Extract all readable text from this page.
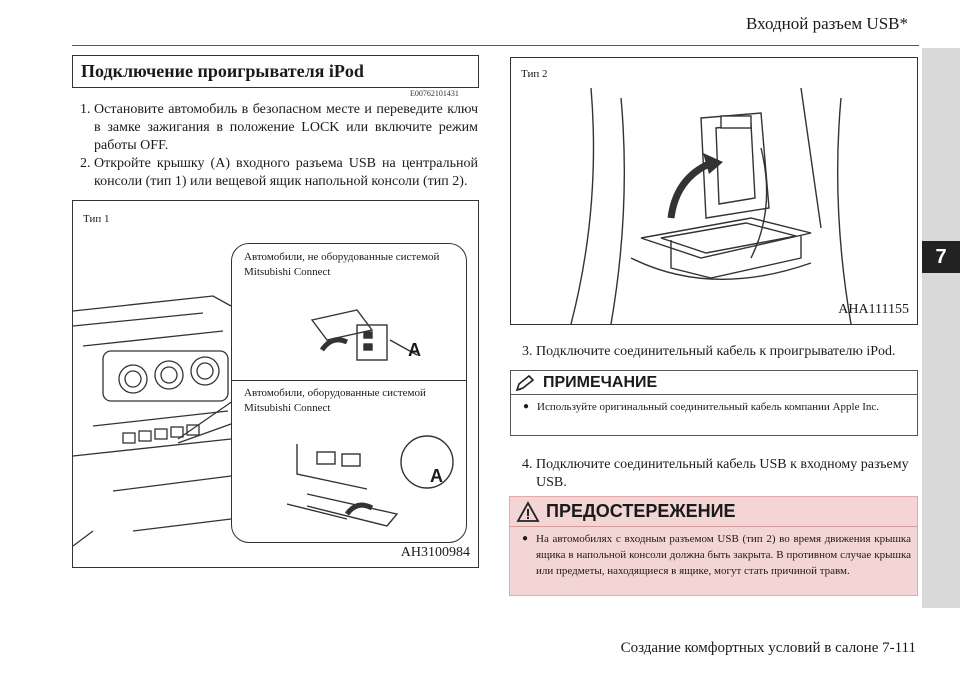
Входной разъем USB*
7
Подключение проигрывателя iPod
E00762101431
1. Остановите автомобиль в безопасном месте и переведите ключ в замке зажигания в положение LOCK или включите режим работы OFF.
2. Откройте крышку (A) входного разъема USB на центральной консоли (тип 1) или вещевой ящик напольной консоли (тип 2).
Тип 1
Автомобили, не оборудованные системой Mitsubishi Connect
A
Автомобили, оборудованные системой Mitsubishi Connect
A
AH3100984
Тип 2
AHA111155
3. Подключите соединительный кабель к проигрывателю iPod.
ПРИМЕЧАНИЕ
● Используйте оригинальный соединительный кабель компании Apple Inc.
4. Подключите соединительный кабель USB к входному разъему USB.
ПРЕДОСТЕРЕЖЕНИЕ
● На автомобилях с входным разъемом USB (тип 2) во время движения крышка ящика в напольной консоли должна быть закрыта. В противном случае крышка или предметы, находящиеся в ящике, могут стать причиной травм.
Создание комфортных условий в салоне 7-111
